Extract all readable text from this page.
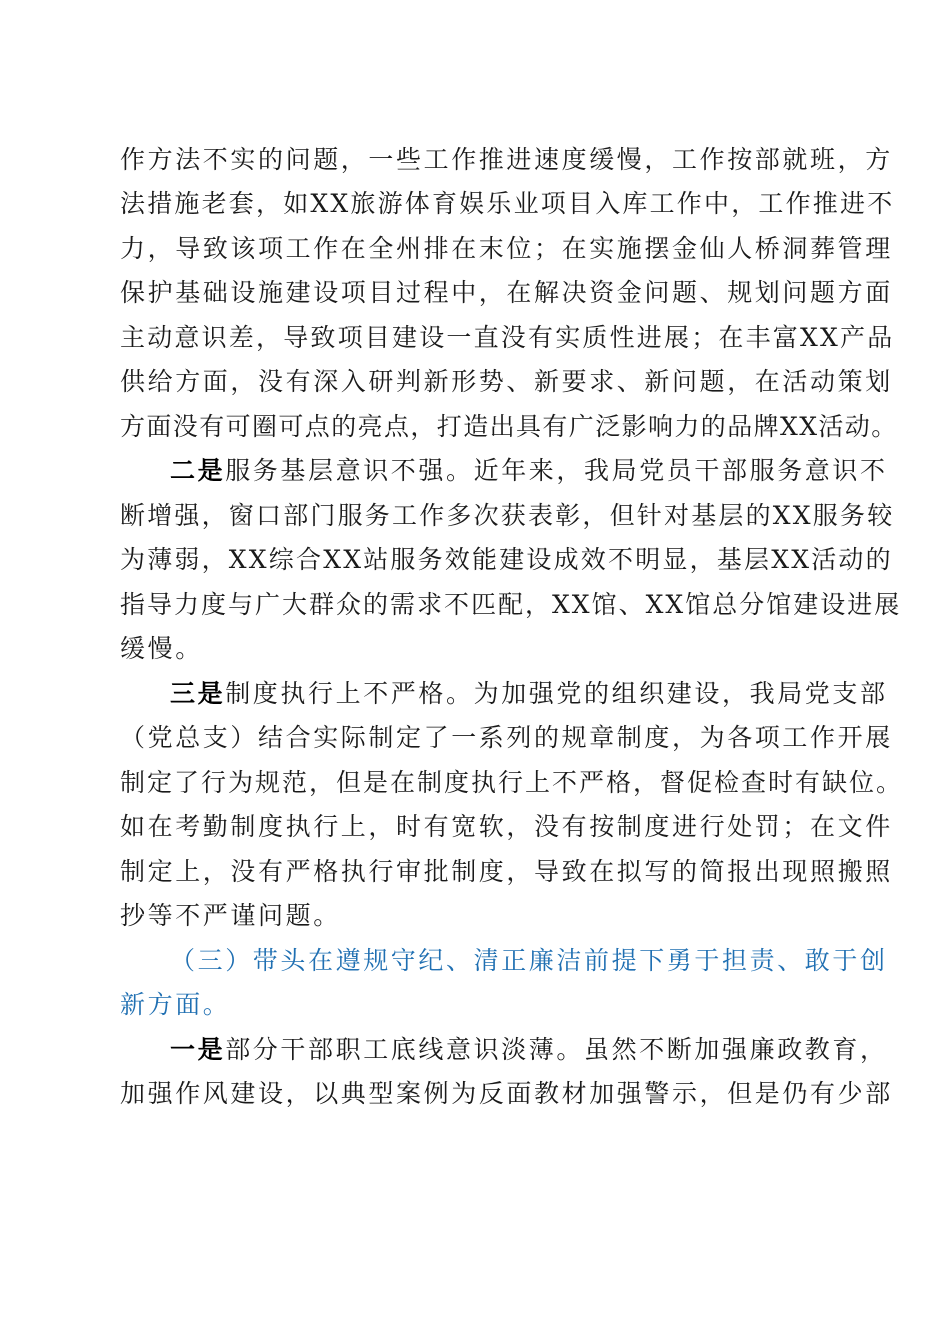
作方法不实的问题，一些工作推进速度缓慢，工作按部就班，方
法措施老套，如XX旅游体育娱乐业项目入库工作中，工作推进不
力，导致该项工作在全州排在末位；在实施摆金仙人桥洞葬管理
保护基础设施建设项目过程中，在解决资金问题、规划问题方面
主动意识差，导致项目建设一直没有实质性进展；在丰富XX产品
供给方面，没有深入研判新形势、新要求、新问题，在活动策划
方面没有可圈可点的亮点，打造出具有广泛影响力的品牌XX活动。
二是服务基层意识不强。近年来，我局党员干部服务意识不
断增强，窗口部门服务工作多次获表彰，但针对基层的XX服务较
为薄弱，XX综合XX站服务效能建设成效不明显，基层XX活动的
指导力度与广大群众的需求不匹配，XX馆、XX馆总分馆建设进展
缓慢。
三是制度执行上不严格。为加强党的组织建设，我局党支部
（党总支）结合实际制定了一系列的规章制度，为各项工作开展
制定了行为规范，但是在制度执行上不严格，督促检查时有缺位。
如在考勤制度执行上，时有宽软，没有按制度进行处罚；在文件
制定上，没有严格执行审批制度，导致在拟写的简报出现照搬照
抄等不严谨问题。
（三）带头在遵规守纪、清正廉洁前提下勇于担责、敢于创
新方面。
一是部分干部职工底线意识淡薄。虽然不断加强廉政教育，
加强作风建设，以典型案例为反面教材加强警示，但是仍有少部
